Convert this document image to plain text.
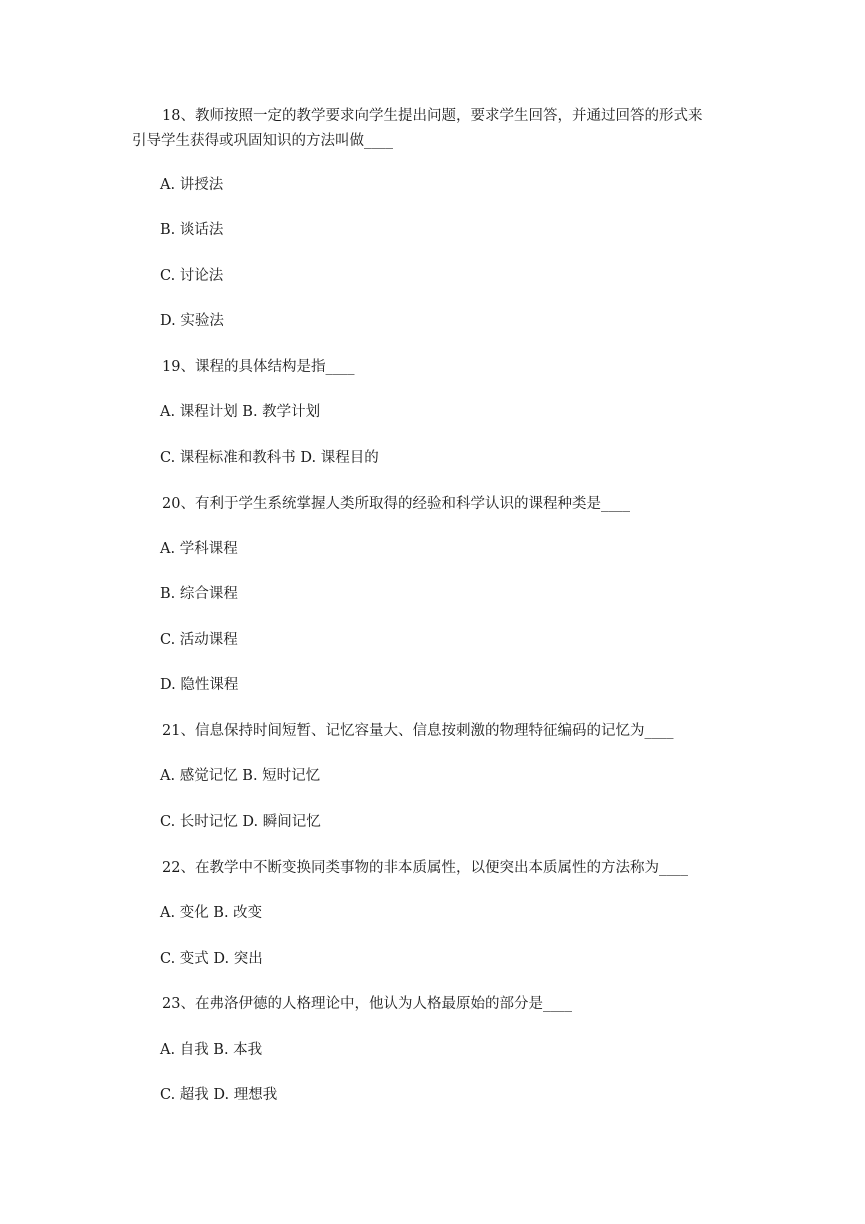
18、教师按照一定的教学要求向学生提出问题，要求学生回答，并通过回答的形式来
引导学生获得或巩固知识的方法叫做____
A. 讲授法
B. 谈话法
C. 讨论法
D. 实验法
19、课程的具体结构是指____
A. 课程计划 B. 教学计划
C. 课程标准和教科书 D. 课程目的
20、有利于学生系统掌握人类所取得的经验和科学认识的课程种类是____
A. 学科课程
B. 综合课程
C. 活动课程
D. 隐性课程
21、信息保持时间短暂、记忆容量大、信息按刺激的物理特征编码的记忆为____
A. 感觉记忆 B. 短时记忆
C. 长时记忆 D. 瞬间记忆
22、在教学中不断变换同类事物的非本质属性，以便突出本质属性的方法称为____
A. 变化 B. 改变
C. 变式 D. 突出
23、在弗洛伊德的人格理论中，他认为人格最原始的部分是____
A. 自我 B. 本我
C. 超我 D. 理想我
